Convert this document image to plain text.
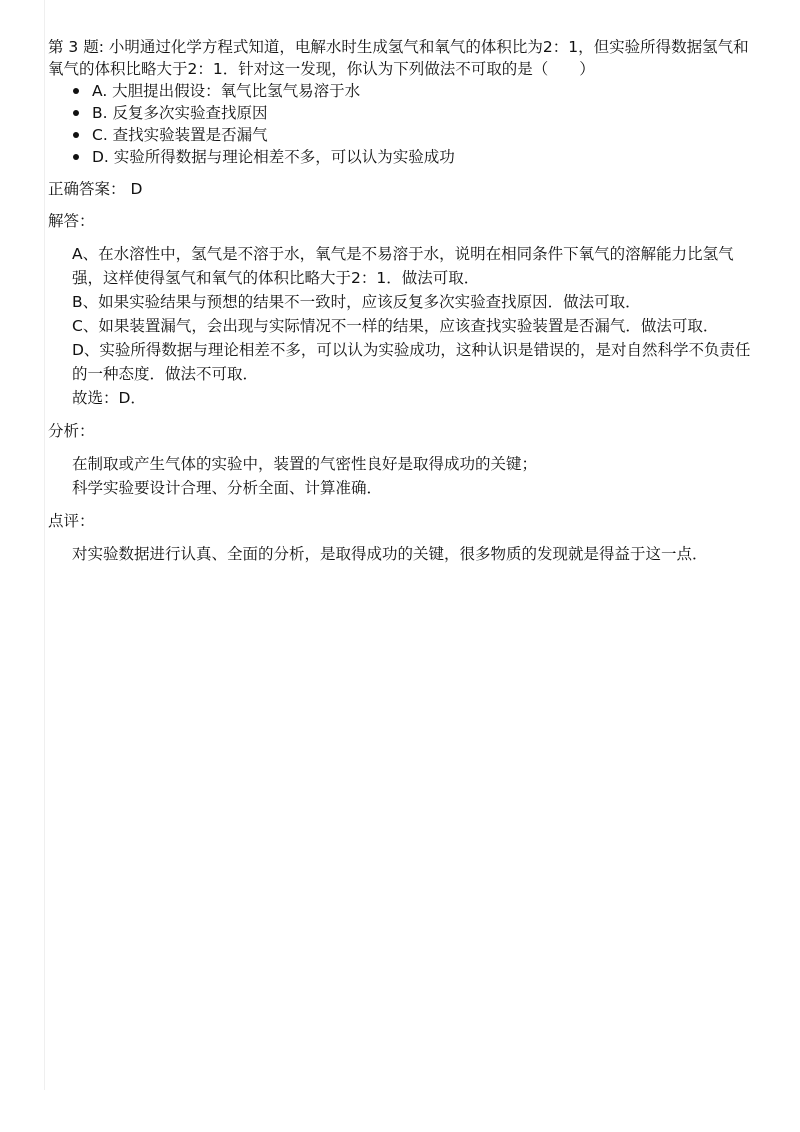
第 3 题: 小明通过化学方程式知道，电解水时生成氢气和氧气的体积比为2：1，但实验所得数据氢气和氧气的体积比略大于2：1．针对这一发现，你认为下列做法不可取的是（　　）

A. 大胆提出假设：氧气比氢气易溶于水
B. 反复多次实验查找原因
C. 查找实验装置是否漏气
D. 实验所得数据与理论相差不多，可以认为实验成功
正确答案： D
解答：

A、在水溶性中，氢气是不溶于水，氧气是不易溶于水，说明在相同条件下氧气的溶解能力比氢气强，这样使得氢气和氧气的体积比略大于2：1．做法可取．

B、如果实验结果与预想的结果不一致时，应该反复多次实验查找原因．做法可取．

C、如果装置漏气，会出现与实际情况不一样的结果，应该查找实验装置是否漏气．做法可取．

D、实验所得数据与理论相差不多，可以认为实验成功，这种认识是错误的，是对自然科学不负责任的一种态度．做法不可取．

故选：D．

分析：

在制取或产生气体的实验中，装置的气密性良好是取得成功的关键；

科学实验要设计合理、分析全面、计算准确．

点评：

对实验数据进行认真、全面的分析，是取得成功的关键，很多物质的发现就是得益于这一点．
